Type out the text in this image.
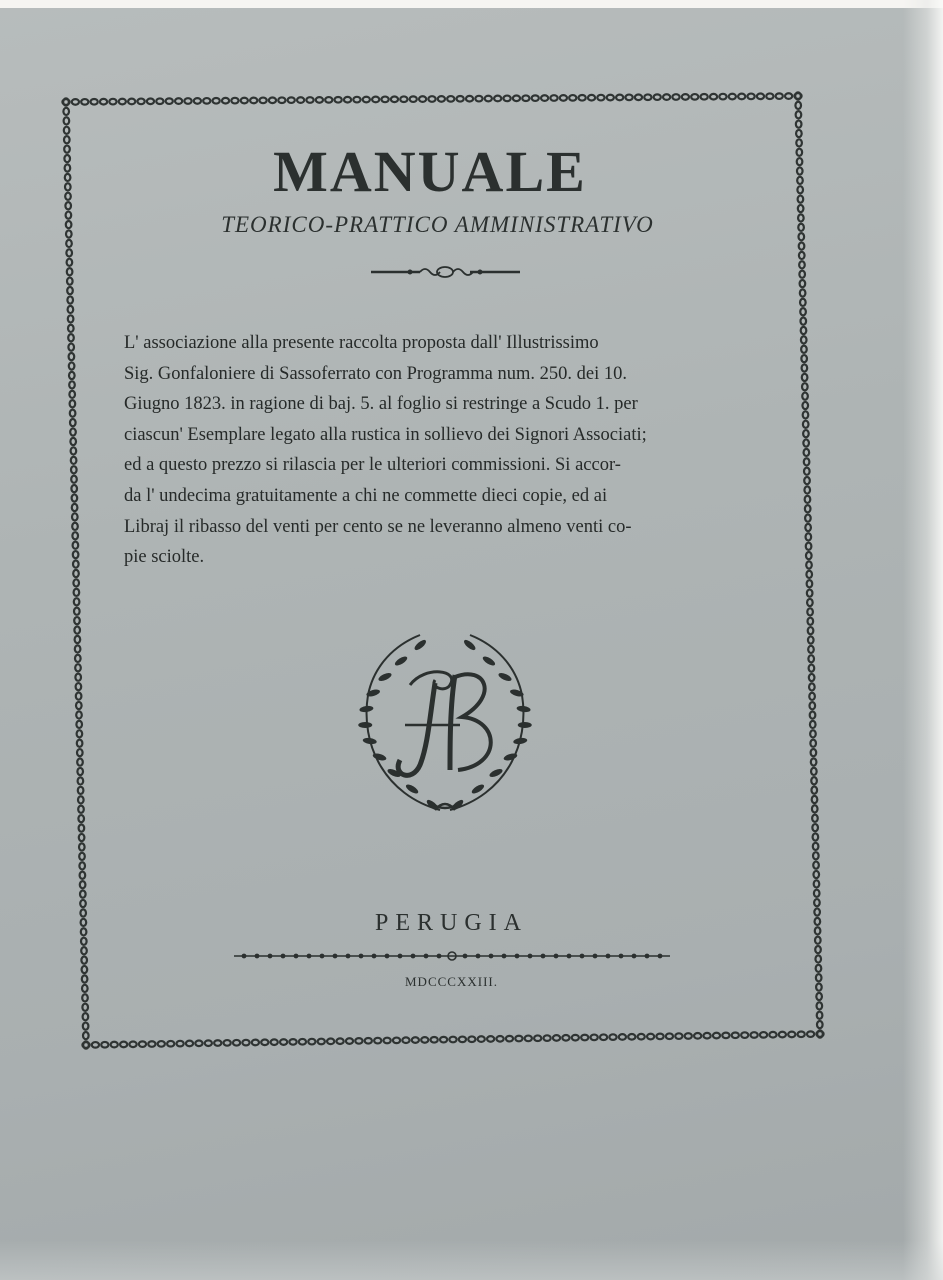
MANUALE
TEORICO-PRATTICO AMMINISTRATIVO
L' associazione alla presente raccolta proposta dall' Illustrissimo
Sig. Gonfaloniere di Sassoferrato con Programma num. 250. dei 10.
Giugno 1823. in ragione di baj. 5. al foglio si restringe a Scudo 1. per
ciascun' Esemplare legato alla rustica in sollievo dei Signori Associati;
ed a questo prezzo si rilascia per le ulteriori commissioni. Si accor-
da l' undecima gratuitamente a chi ne commette dieci copie, ed ai
Libraj il ribasso del venti per cento se ne leveranno almeno venti co-
pie sciolte.
PERUGIA
MDCCCXXIII.
